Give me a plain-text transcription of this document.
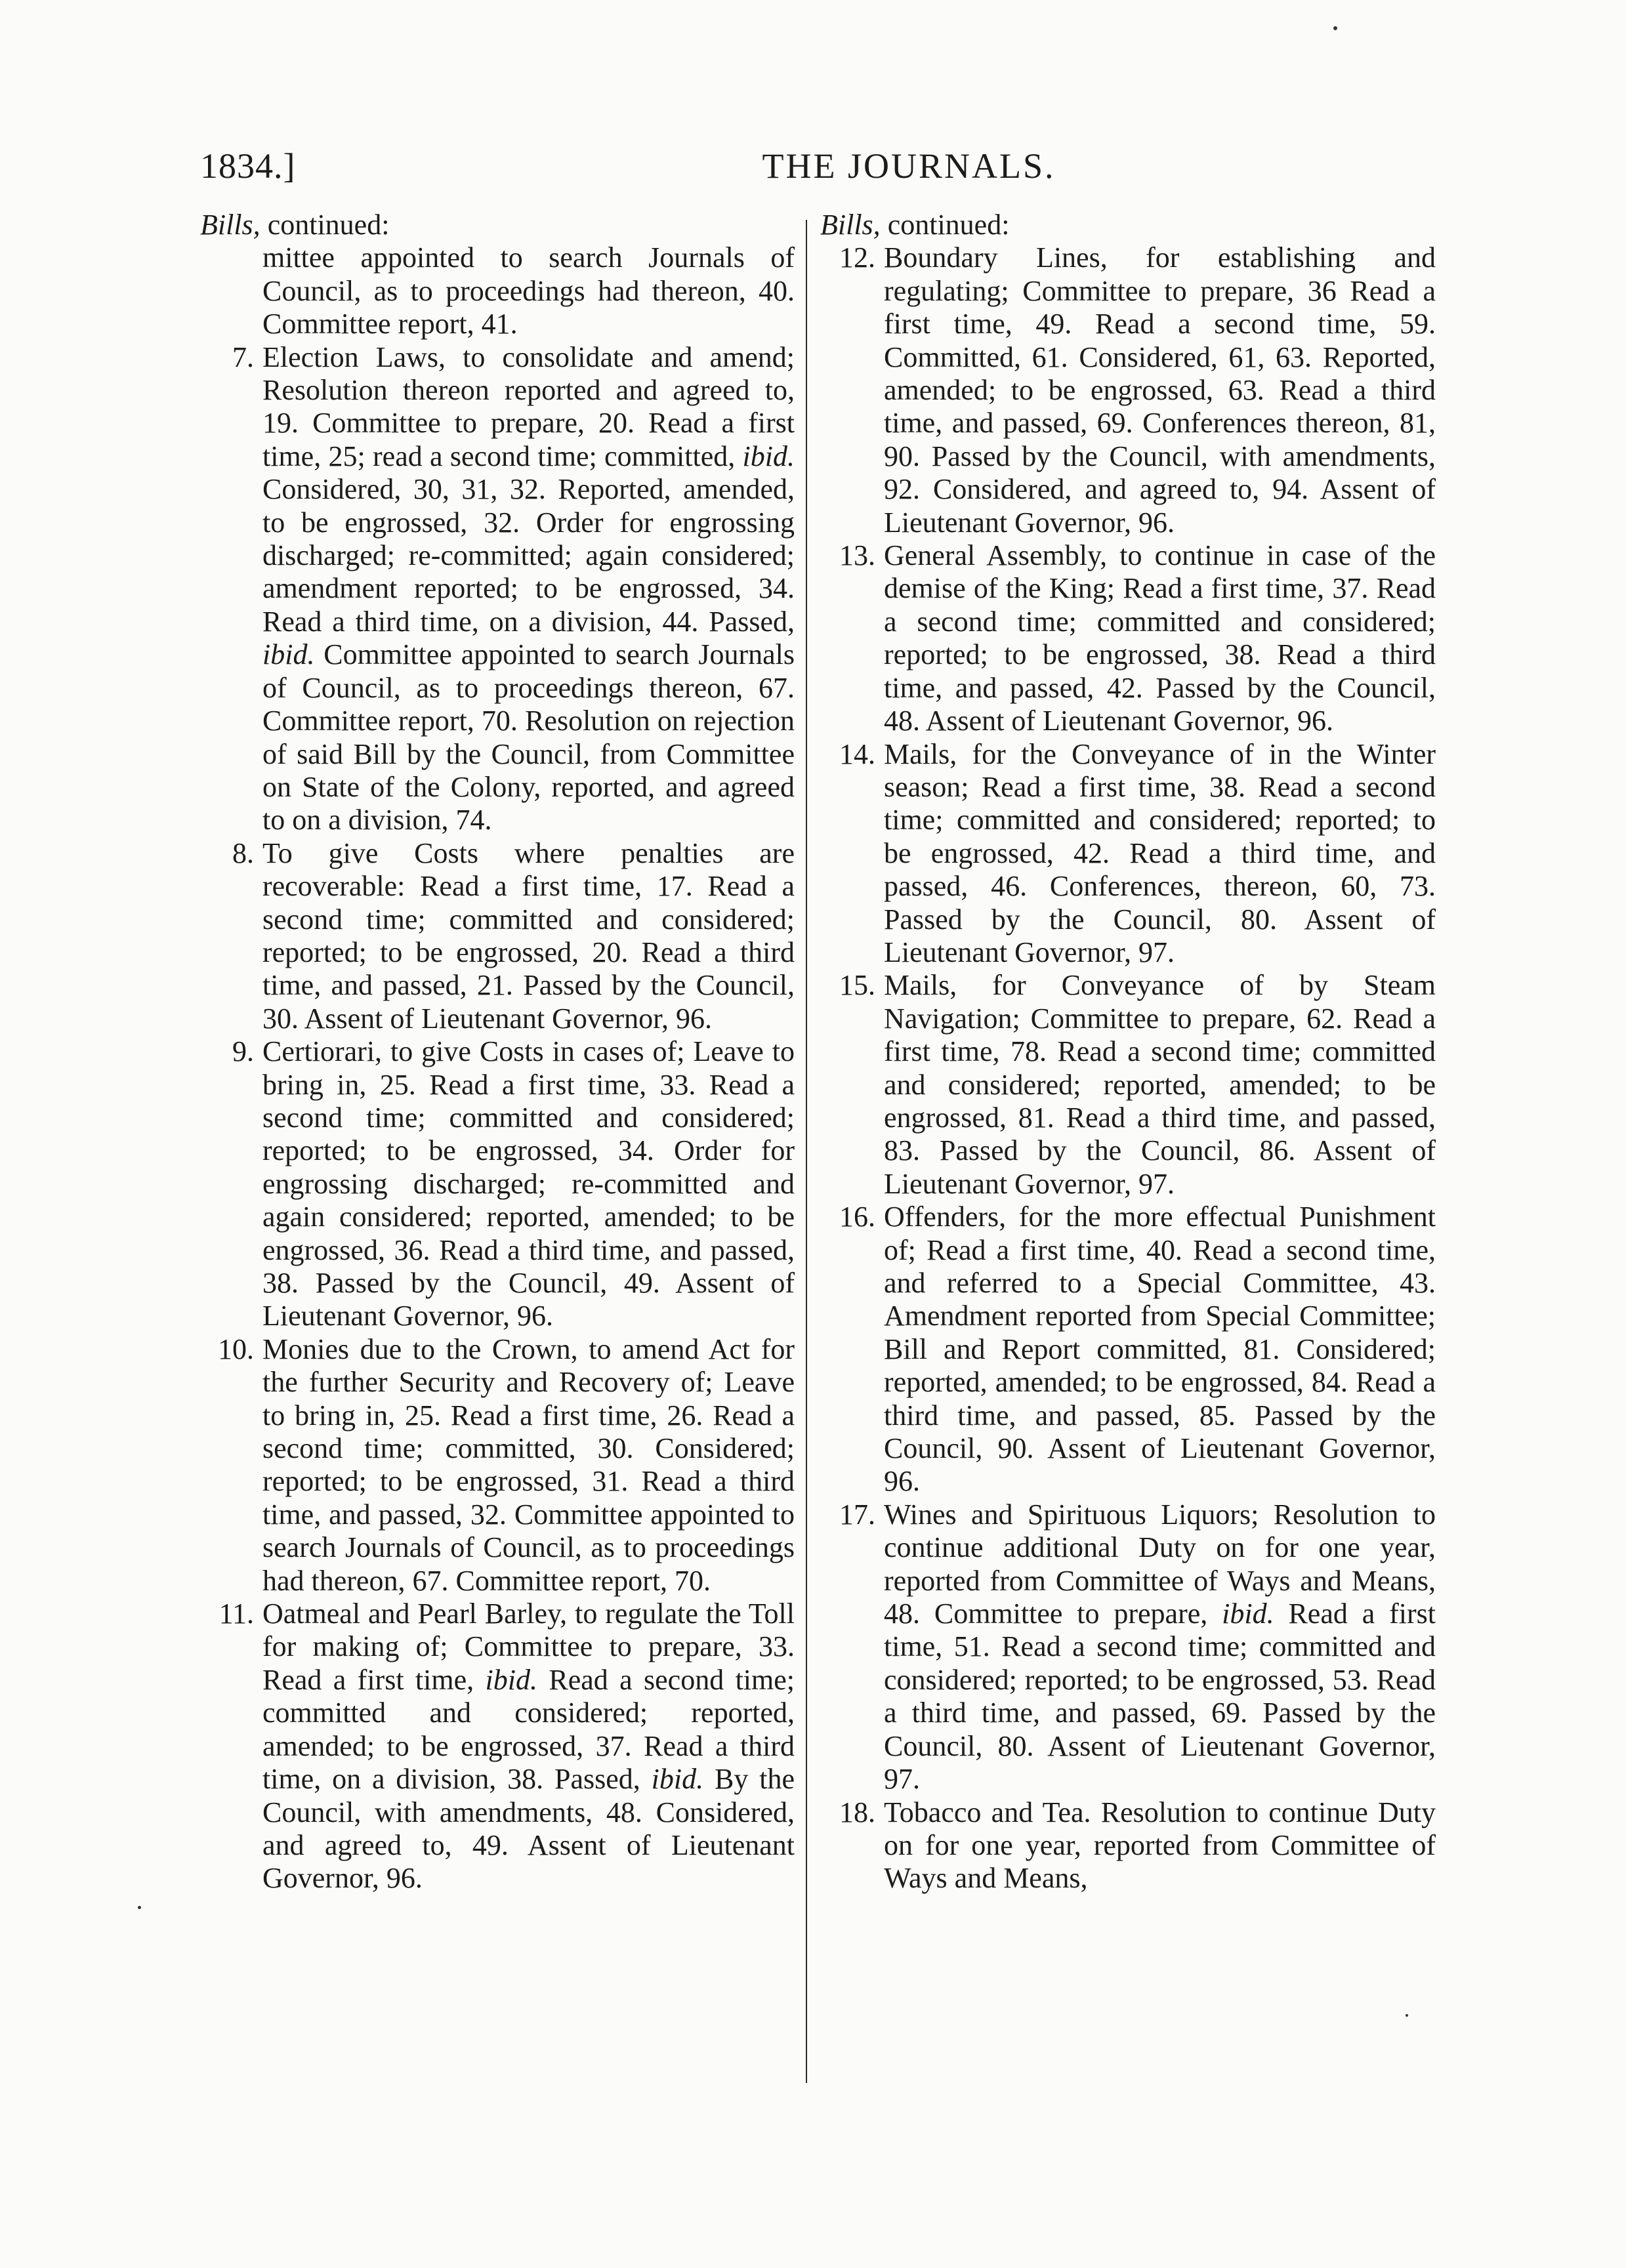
1834.]	THE JOURNALS.
Bills, continued:

mittee appointed to search Journals of Council, as to proceedings had thereon, 40. Committee report, 41.

7. Election Laws, to consolidate and amend; Resolution thereon reported and agreed to, 19. Committee to prepare, 20. Read a first time, 25; read a second time; committed, ibid. Considered, 30, 31, 32. Reported, amended, to be engrossed, 32. Order for engrossing discharged; re-committed; again considered; amendment reported; to be engrossed, 34. Read a third time, on a division, 44. Passed, ibid. Committee appointed to search Journals of Council, as to proceedings thereon, 67. Committee report, 70. Resolution on rejection of said Bill by the Council, from Committee on State of the Colony, reported, and agreed to on a division, 74.
8. To give Costs where penalties are recoverable: Read a first time, 17. Read a second time; committed and considered; reported; to be engrossed, 20. Read a third time, and passed, 21. Passed by the Council, 30. Assent of Lieutenant Governor, 96.
9. Certiorari, to give Costs in cases of; Leave to bring in, 25. Read a first time, 33. Read a second time; committed and considered; reported; to be engrossed, 34. Order for engrossing discharged; re-committed and again considered; reported, amended; to be engrossed, 36. Read a third time, and passed, 38. Passed by the Council, 49. Assent of Lieutenant Governor, 96.
10. Monies due to the Crown, to amend Act for the further Security and Recovery of; Leave to bring in, 25. Read a first time, 26. Read a second time; committed, 30. Considered; reported; to be engrossed, 31. Read a third time, and passed, 32. Committee appointed to search Journals of Council, as to proceedings had thereon, 67. Committee report, 70.
11. Oatmeal and Pearl Barley, to regulate the Toll for making of; Committee to prepare, 33. Read a first time, ibid. Read a second time; committed and considered; reported, amended; to be engrossed, 37. Read a third time, on a division, 38. Passed, ibid. By the Council, with amendments, 48. Considered, and agreed to, 49. Assent of Lieutenant Governor, 96.
Bills, continued:
12. Boundary Lines, for establishing and regulating; Committee to prepare, 36 Read a first time, 49. Read a second time, 59. Committed, 61. Considered, 61, 63. Reported, amended; to be engrossed, 63. Read a third time, and passed, 69. Conferences thereon, 81, 90. Passed by the Council, with amendments, 92. Considered, and agreed to, 94. Assent of Lieutenant Governor, 96.
13. General Assembly, to continue in case of the demise of the King; Read a first time, 37. Read a second time; committed and considered; reported; to be engrossed, 38. Read a third time, and passed, 42. Passed by the Council, 48. Assent of Lieutenant Governor, 96.
14. Mails, for the Conveyance of in the Winter season; Read a first time, 38. Read a second time; committed and considered; reported; to be engrossed, 42. Read a third time, and passed, 46. Conferences, thereon, 60, 73. Passed by the Council, 80. Assent of Lieutenant Governor, 97.
15. Mails, for Conveyance of by Steam Navigation; Committee to prepare, 62. Read a first time, 78. Read a second time; committed and considered; reported, amended; to be engrossed, 81. Read a third time, and passed, 83. Passed by the Council, 86. Assent of Lieutenant Governor, 97.
16. Offenders, for the more effectual Punishment of; Read a first time, 40. Read a second time, and referred to a Special Committee, 43. Amendment reported from Special Committee; Bill and Report committed, 81. Considered; reported, amended; to be engrossed, 84. Read a third time, and passed, 85. Passed by the Council, 90. Assent of Lieutenant Governor, 96.
17. Wines and Spirituous Liquors; Resolution to continue additional Duty on for one year, reported from Committee of Ways and Means, 48. Committee to prepare, ibid. Read a first time, 51. Read a second time; committed and considered; reported; to be engrossed, 53. Read a third time, and passed, 69. Passed by the Council, 80. Assent of Lieutenant Governor, 97.
18. Tobacco and Tea. Resolution to continue Duty on for one year, reported from Committee of Ways and Means,
